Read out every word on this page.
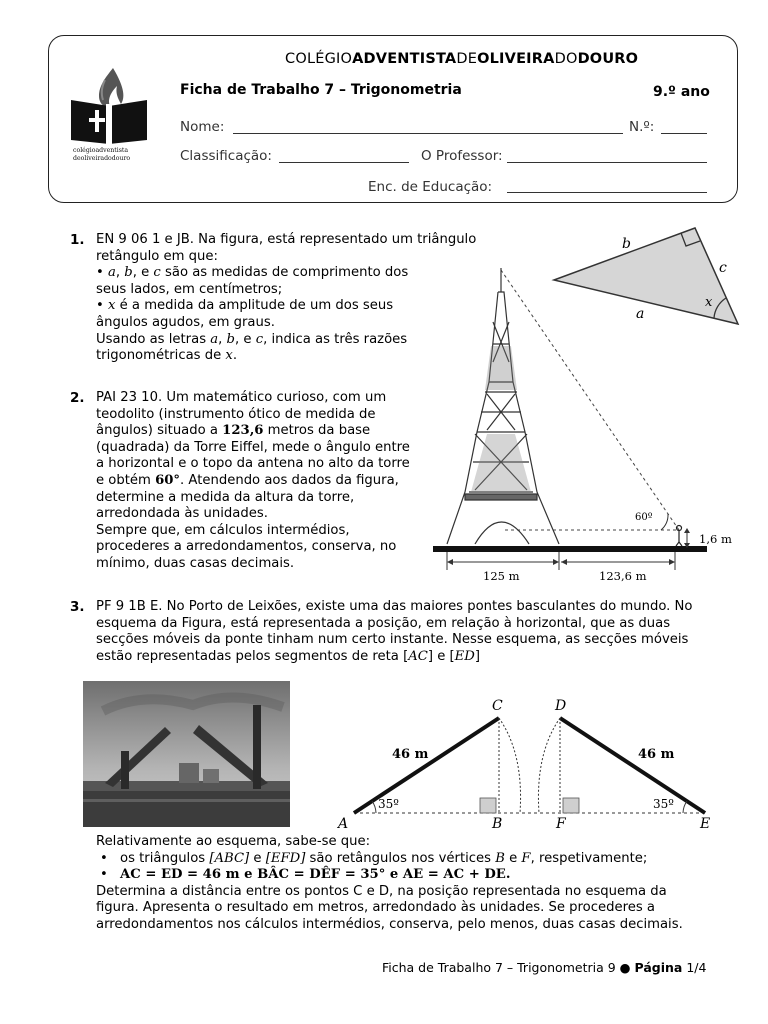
colégioadventista
deoliveiradodouro
COLÉGIOADVENTISTADEOLIVEIRADODOURO
Ficha de Trabalho 7 – Trigonometria	9.º ano
Nome:	N.º:
Classificação:	O Professor:
Enc. de Educação:
1. EN 9 06 1 e JB. Na figura, está representado um triângulo

retângulo em que:

• a, b, e c são as medidas de comprimento dos seus lados, em centímetros;

• x é a medida da amplitude de um dos seus ângulos agudos, em graus.

Usando as letras a, b, e c, indica as três razões trigonométricas de x.

b
c
a
x
2. PAI 23 10. Um matemático curioso, com um teodolito (instrumento ótico de medida de ângulos) situado a 123,6 metros da base (quadrada) da Torre Eiffel, mede o ângulo entre a horizontal e o topo da antena no alto da torre e obtém 60°. Atendendo aos dados da figura, determine a medida da altura da torre, arredondada às unidades.

Sempre que, em cálculos intermédios, procederes a arredondamentos, conserva, no mínimo, duas casas decimais.

60º
1,6 m
125 m	123,6 m
3. PF 9 1B E. No Porto de Leixões, existe uma das maiores pontes basculantes do mundo. No esquema da Figura, está representada a posição, em relação à horizontal, que as duas secções móveis da ponte tinham num certo instante. Nesse esquema, as secções móveis estão representadas pelos segmentos de reta [AC] e [ED]

35º	35º
46 m	46 m
C	D
A	B	F	E

Relativamente ao esquema, sabe-se que:

• os triângulos [ABC] e [EFD] são retângulos nos vértices B e F, respetivamente;
• AC = ED = 46 m e BÂC = DÊF = 35° e AE = AC + DE.

Determina a distância entre os pontos C e D, na posição representada no esquema da figura. Apresenta o resultado em metros, arredondado às unidades. Se procederes a arredondamentos nos cálculos intermédios, conserva, pelo menos, duas casas decimais.

Ficha de Trabalho 7 – Trigonometria 9 ● Página 1/4
